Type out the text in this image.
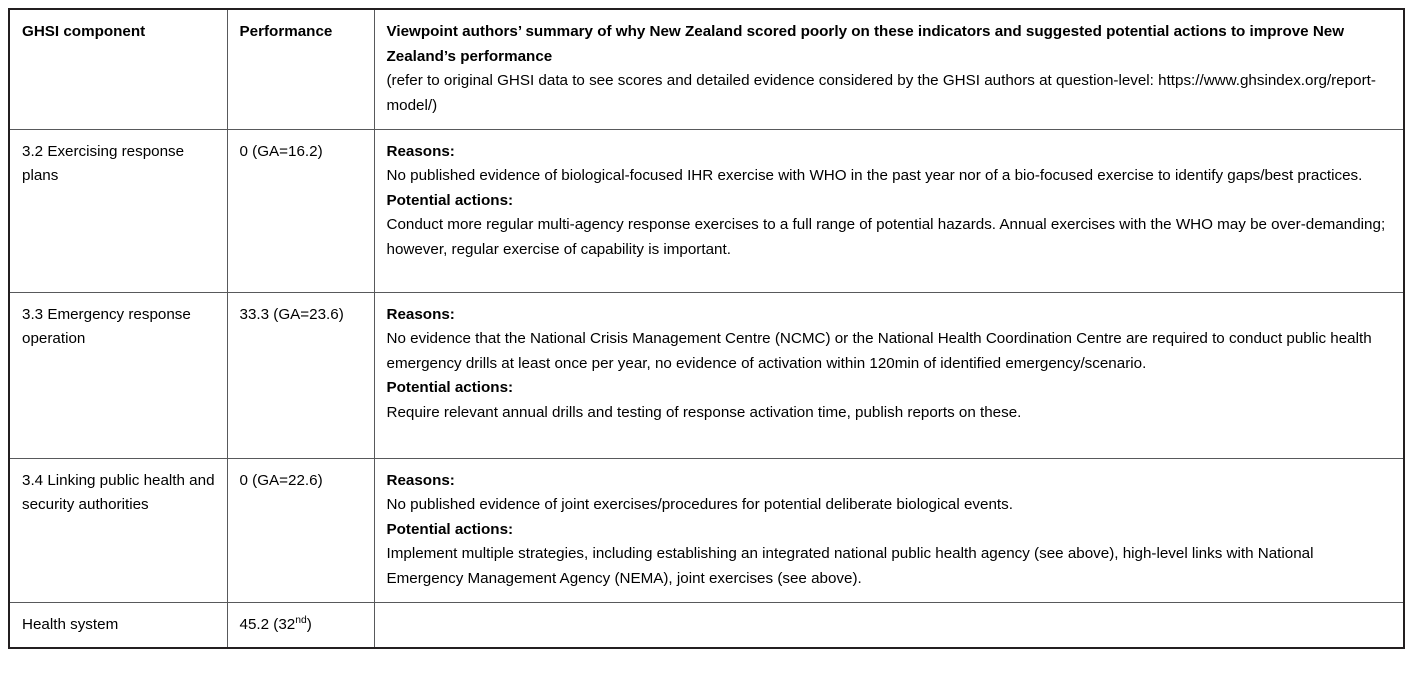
GHSI component	Performance	Viewpoint authors’ summary of why New Zealand scored poorly on these indicators and suggested potential actions to improve New Zealand’s performance
(refer to original GHSI data to see scores and detailed evidence considered by the GHSI authors at question-level: https://www.ghsindex.org/report-model/)

3.2 Exercising response plans	0 (GA=16.2)	Reasons:
No published evidence of biological-focused IHR exercise with WHO in the past year nor of a bio-focused exercise to identify gaps/best practices.
Potential actions:
Conduct more regular multi-agency response exercises to a full range of potential hazards. Annual exercises with the WHO may be over-demanding; however, regular exercise of capability is important.

3.3 Emergency response operation	33.3 (GA=23.6)	Reasons:
No evidence that the National Crisis Management Centre (NCMC) or the National Health Coordination Centre are required to conduct public health emergency drills at least once per year, no evidence of activation within 120min of identified emergency/scenario.
Potential actions:
Require relevant annual drills and testing of response activation time, publish reports on these.

3.4 Linking public health and security authorities	0 (GA=22.6)	Reasons:
No published evidence of joint exercises/procedures for potential deliberate biological events.
Potential actions:
Implement multiple strategies, including establishing an integrated national public health agency (see above), high-level links with National Emergency Management Agency (NEMA), joint exercises (see above).

Health system	45.2 (32nd)	
